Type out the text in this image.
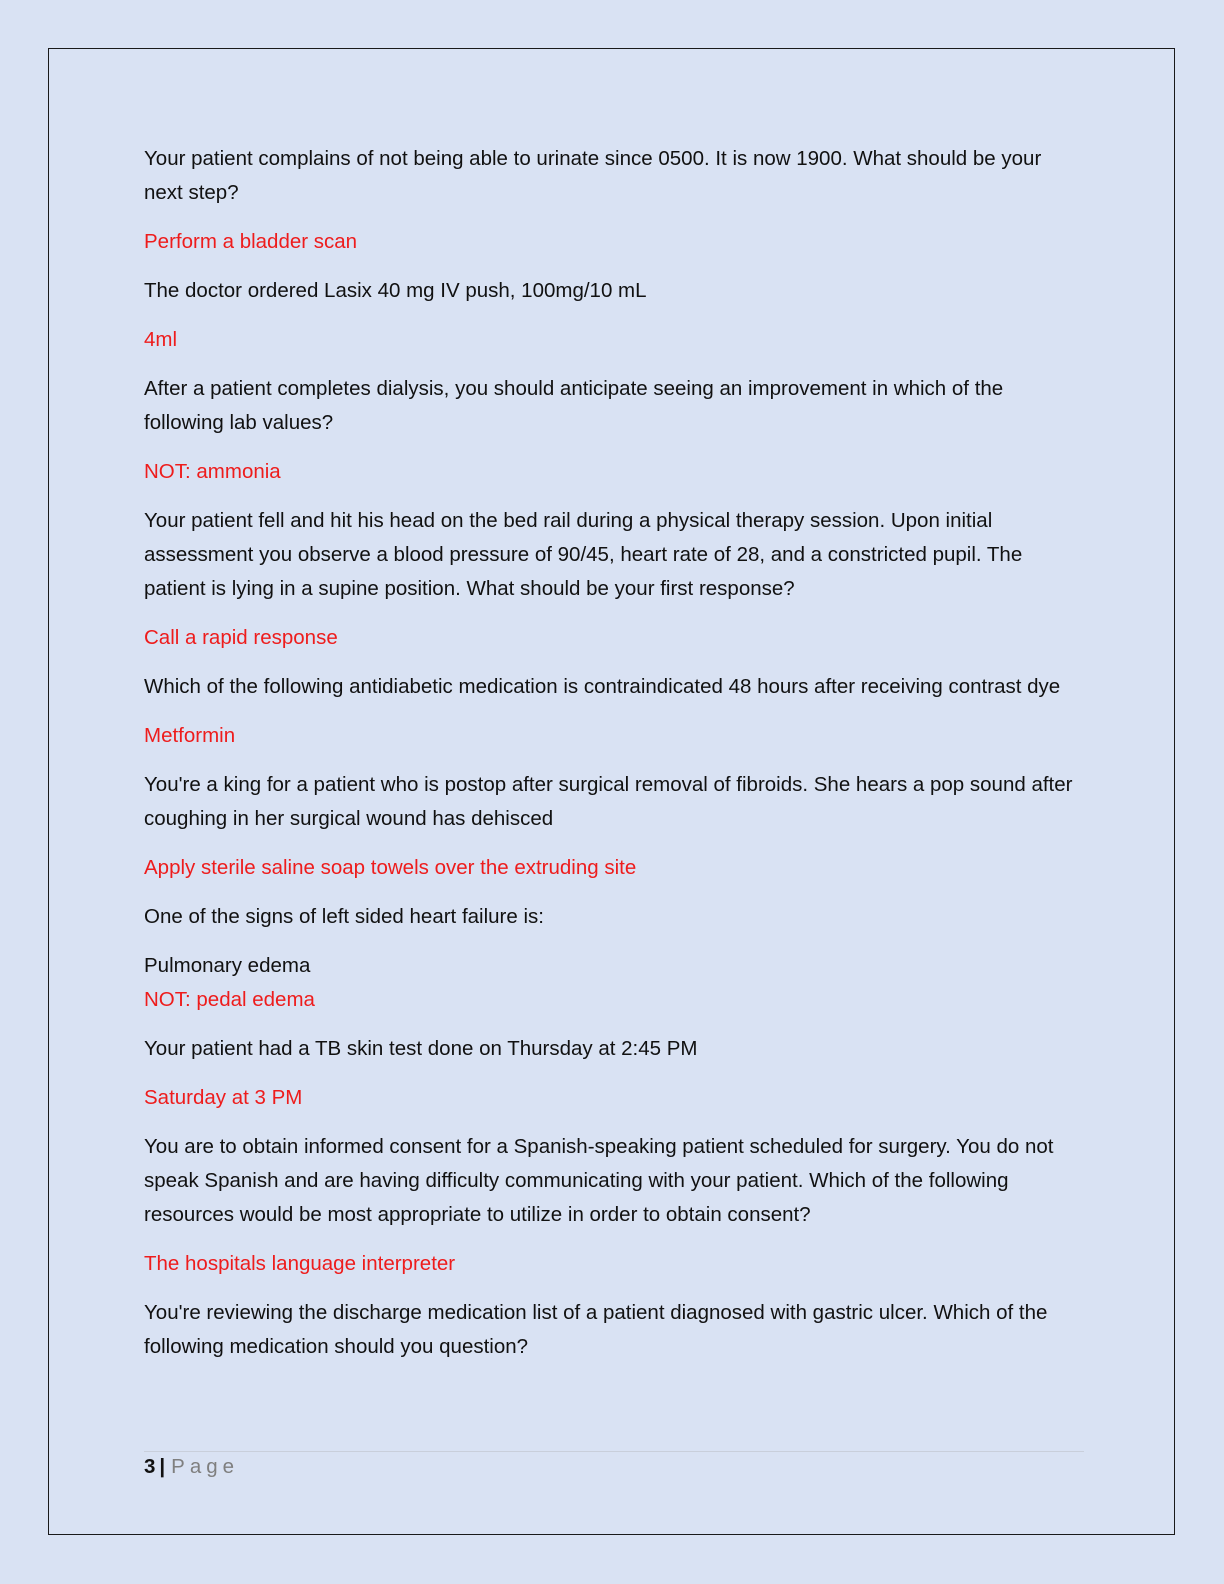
Your patient complains of not being able to urinate since 0500. It is now 1900. What should be your next step?

Perform a bladder scan

The doctor ordered Lasix 40 mg IV push, 100mg/10 mL

4ml

After a patient completes dialysis, you should anticipate seeing an improvement in which of the following lab values?

NOT: ammonia

Your patient fell and hit his head on the bed rail during a physical therapy session. Upon initial assessment you observe a blood pressure of 90/45, heart rate of 28, and a constricted pupil. The patient is lying in a supine position. What should be your first response?

Call a rapid response

Which of the following antidiabetic medication is contraindicated 48 hours after receiving contrast dye

Metformin

You're a king for a patient who is postop after surgical removal of fibroids. She hears a pop sound after coughing in her surgical wound has dehisced

Apply sterile saline soap towels over the extruding site

One of the signs of left sided heart failure is:

Pulmonary edema

NOT: pedal edema

Your patient had a TB skin test done on Thursday at 2:45 PM

Saturday at 3 PM

You are to obtain informed consent for a Spanish-speaking patient scheduled for surgery. You do not speak Spanish and are having difficulty communicating with your patient. Which of the following resources would be most appropriate to utilize in order to obtain consent?

The hospitals language interpreter

You're reviewing the discharge medication list of a patient diagnosed with gastric ulcer. Which of the following medication should you question?

3 | Page
